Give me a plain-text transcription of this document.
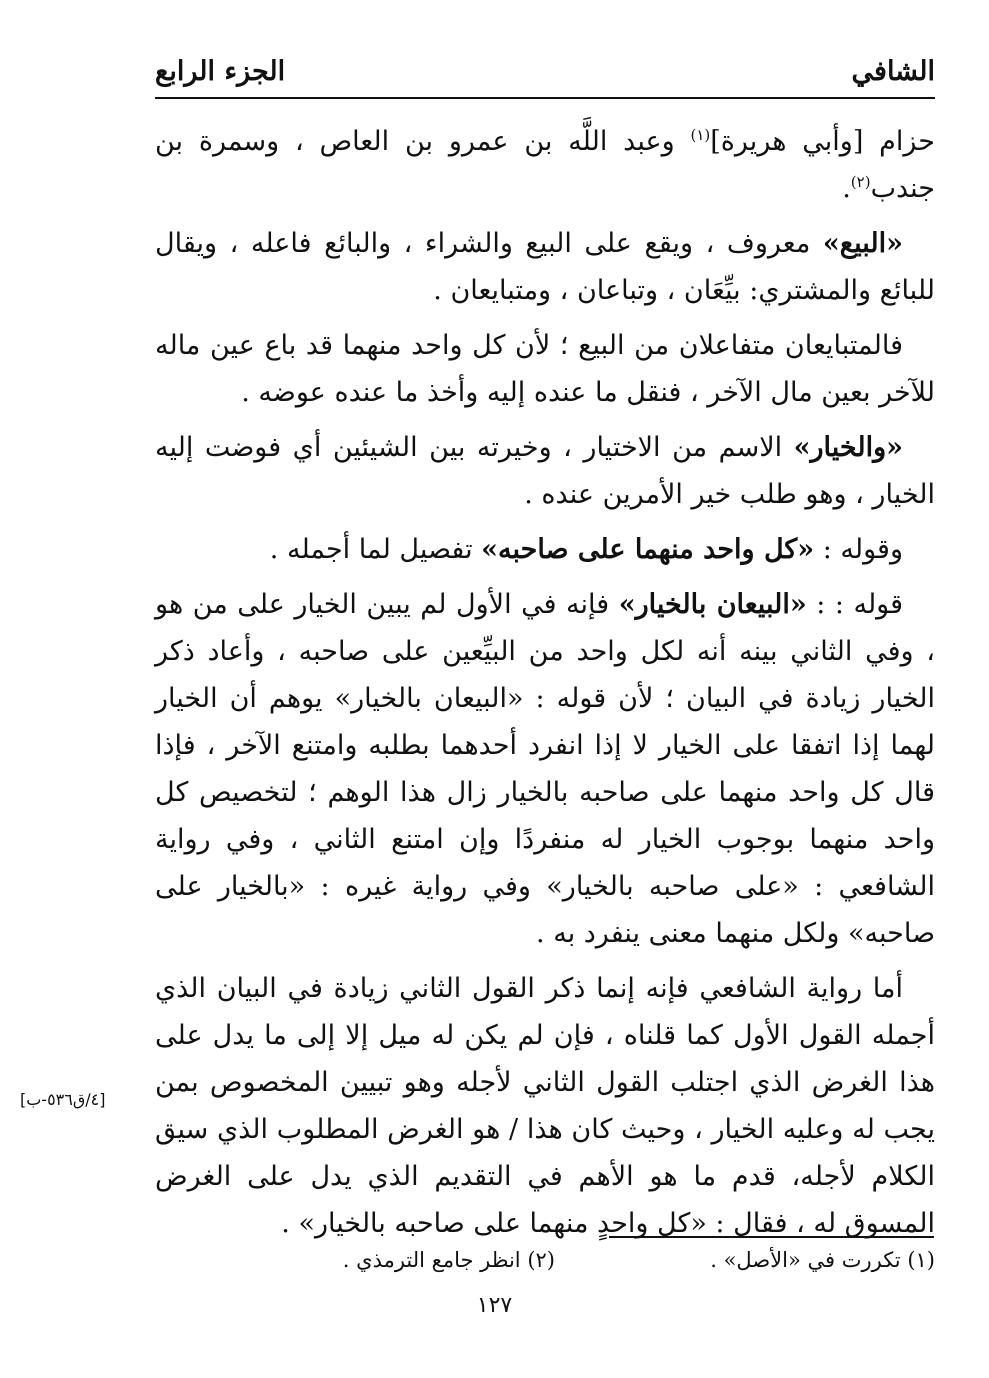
الشافي
الجزء الرابع

حزام [وأبي هريرة]$^{(١)}$ وعبد اللَّه بن عمرو بن العاص ، وسمرة بن جندب$^{(٢)}$.

«البيع» معروف ، ويقع على البيع والشراء ، والبائع فاعله ، ويقال للبائع والمشتري: بيِّعَان ، وتباعان ، ومتبايعان .

فالمتبايعان متفاعلان من البيع ؛ لأن كل واحد منهما قد باع عين ماله للآخر بعين مال الآخر ، فنقل ما عنده إليه وأخذ ما عنده عوضه .

«والخيار» الاسم من الاختيار ، وخيرته بين الشيئين أي فوضت إليه الخيار ، وهو طلب خير الأمرين عنده .

وقوله : «كل واحد منهما على صاحبه» تفصيل لما أجمله .

قوله : : «البيعان بالخيار» فإنه في الأول لم يبين الخيار على من هو ، وفي الثاني بينه أنه لكل واحد من البيِّعين على صاحبه ، وأعاد ذكر الخيار زيادة في البيان ؛ لأن قوله : «البيعان بالخيار» يوهم أن الخيار لهما إذا اتفقا على الخيار لا إذا انفرد أحدهما بطلبه وامتنع الآخر ، فإذا قال كل واحد منهما على صاحبه بالخيار زال هذا الوهم ؛ لتخصيص كل واحد منهما بوجوب الخيار له منفردًا وإن امتنع الثاني ، وفي رواية الشافعي : «على صاحبه بالخيار» وفي رواية غيره : «بالخيار على صاحبه» ولكل منهما معنى ينفرد به .

أما رواية الشافعي فإنه إنما ذكر القول الثاني زيادة في البيان الذي أجمله القول الأول كما قلناه ، فإن لم يكن له ميل إلا إلى ما يدل على هذا الغرض الذي اجتلب القول الثاني لأجله وهو تبيين المخصوص بمن يجب له وعليه الخيار ، وحيث كان هذا / هو الغرض المطلوب الذي سيق الكلام لأجله، قدم ما هو الأهم في التقديم الذي يدل على الغرض المسوق له ، فقال : «كل واحدٍ منهما على صاحبه بالخيار» .

[٤/ق٥٣٦-ب]
(١) تكررت في «الأصل» .
(٢) انظر جامع الترمذي .
١٢٧
